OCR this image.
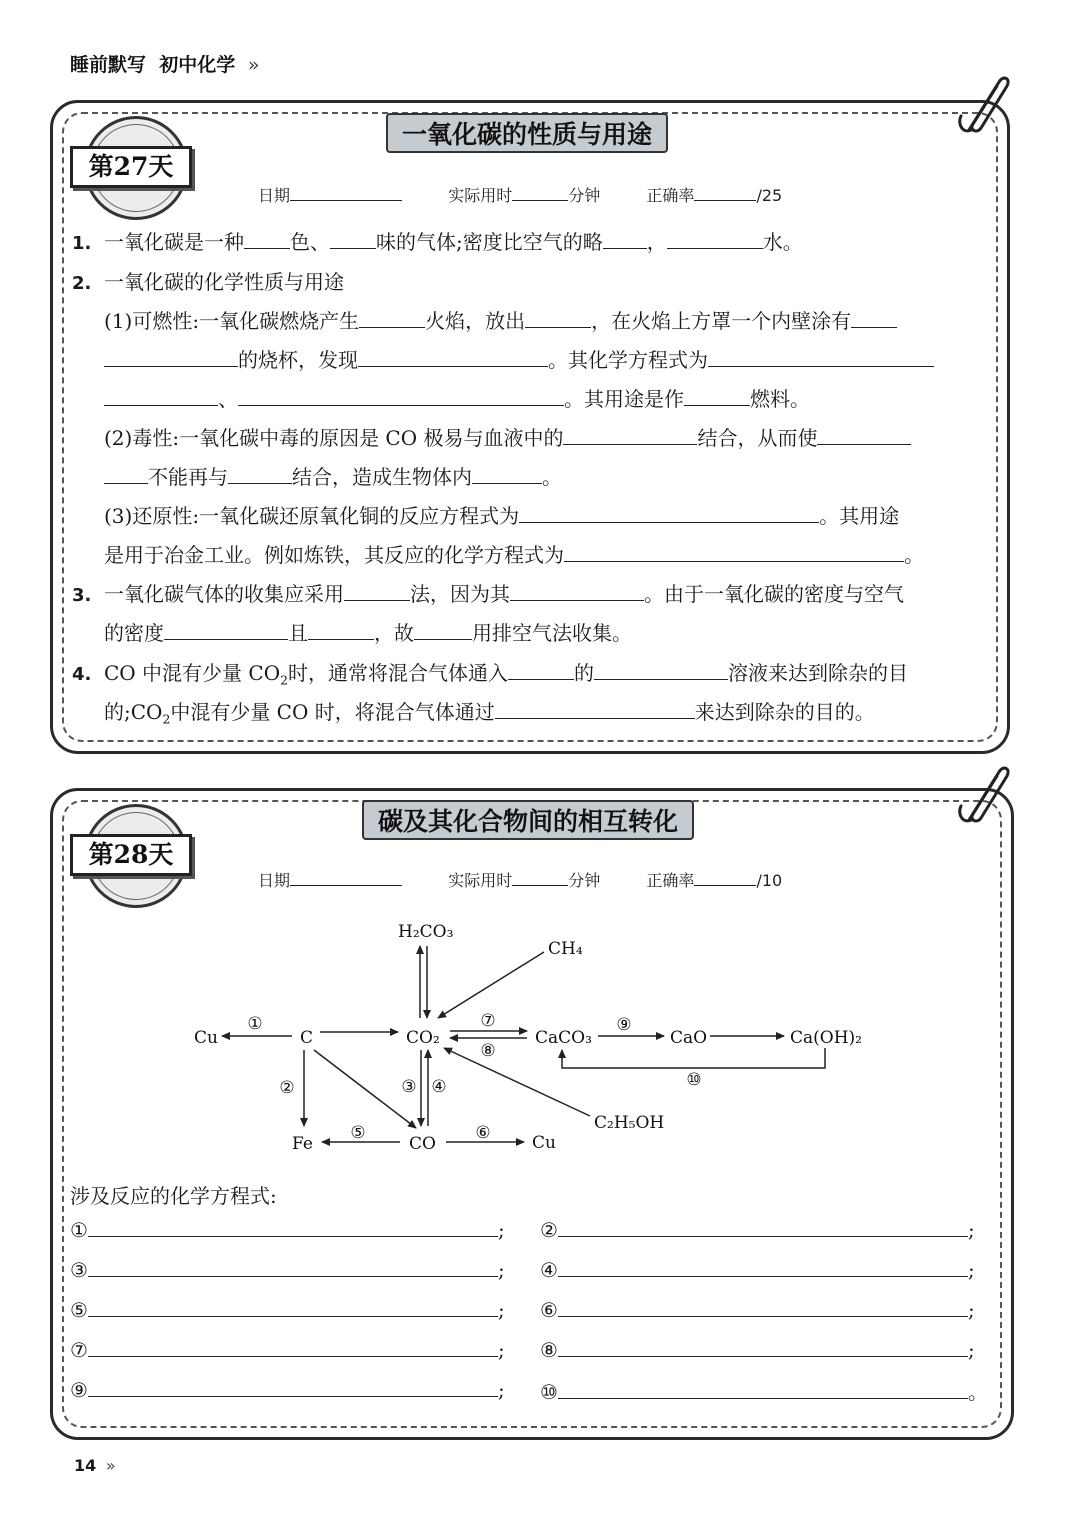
睡前默写 初中化学 »
一氧化碳的性质与用途
第27天
日期	实际用时	分钟	正确率	/25
1. 一氧化碳是一种 色、 味的气体;密度比空气的略 ，	水。
2. 一氧化碳的化学性质与用途
(1)可燃性:一氧化碳燃烧产生	火焰，放出	，在火焰上方罩一个内壁涂有
的烧杯，发现	。其化学方程式为
、	。其用途是作	燃料。
(2)毒性:一氧化碳中毒的原因是 CO 极易与血液中的	结合，从而使
不能再与	结合，造成生物体内	。
(3)还原性:一氧化碳还原氧化铜的反应方程式为	。其用途
是用于冶金工业。例如炼铁，其反应的化学方程式为	。
3. 一氧化碳气体的收集应采用	法，因为其	。由于一氧化碳的密度与空气
的密度	且	，故	用排空气法收集。
4. CO 中混有少量 $CO_2$时，通常将混合气体通入	的	溶液来达到除杂的目
的$;CO_2$中混有少量 CO 时，将混合气体通过	来达到除杂的目的。
碳及其化合物间的相互转化
第28天
日期	实际用时	分钟	正确率	/10
H₂CO₃
CH₄
Cu	C	CO₂	CaCO₃	CaO	Ca(OH)₂
Fe	CO	Cu
C₂H₅OH
①
②	③ ④
⑤	⑥
⑦
⑧
⑨
⑩
涉及反应的化学方程式:
①	; ②	;
③	; ④	;
⑤	; ⑥	;
⑦	; ⑧	;
⑨	; ⑩	。
14 »
